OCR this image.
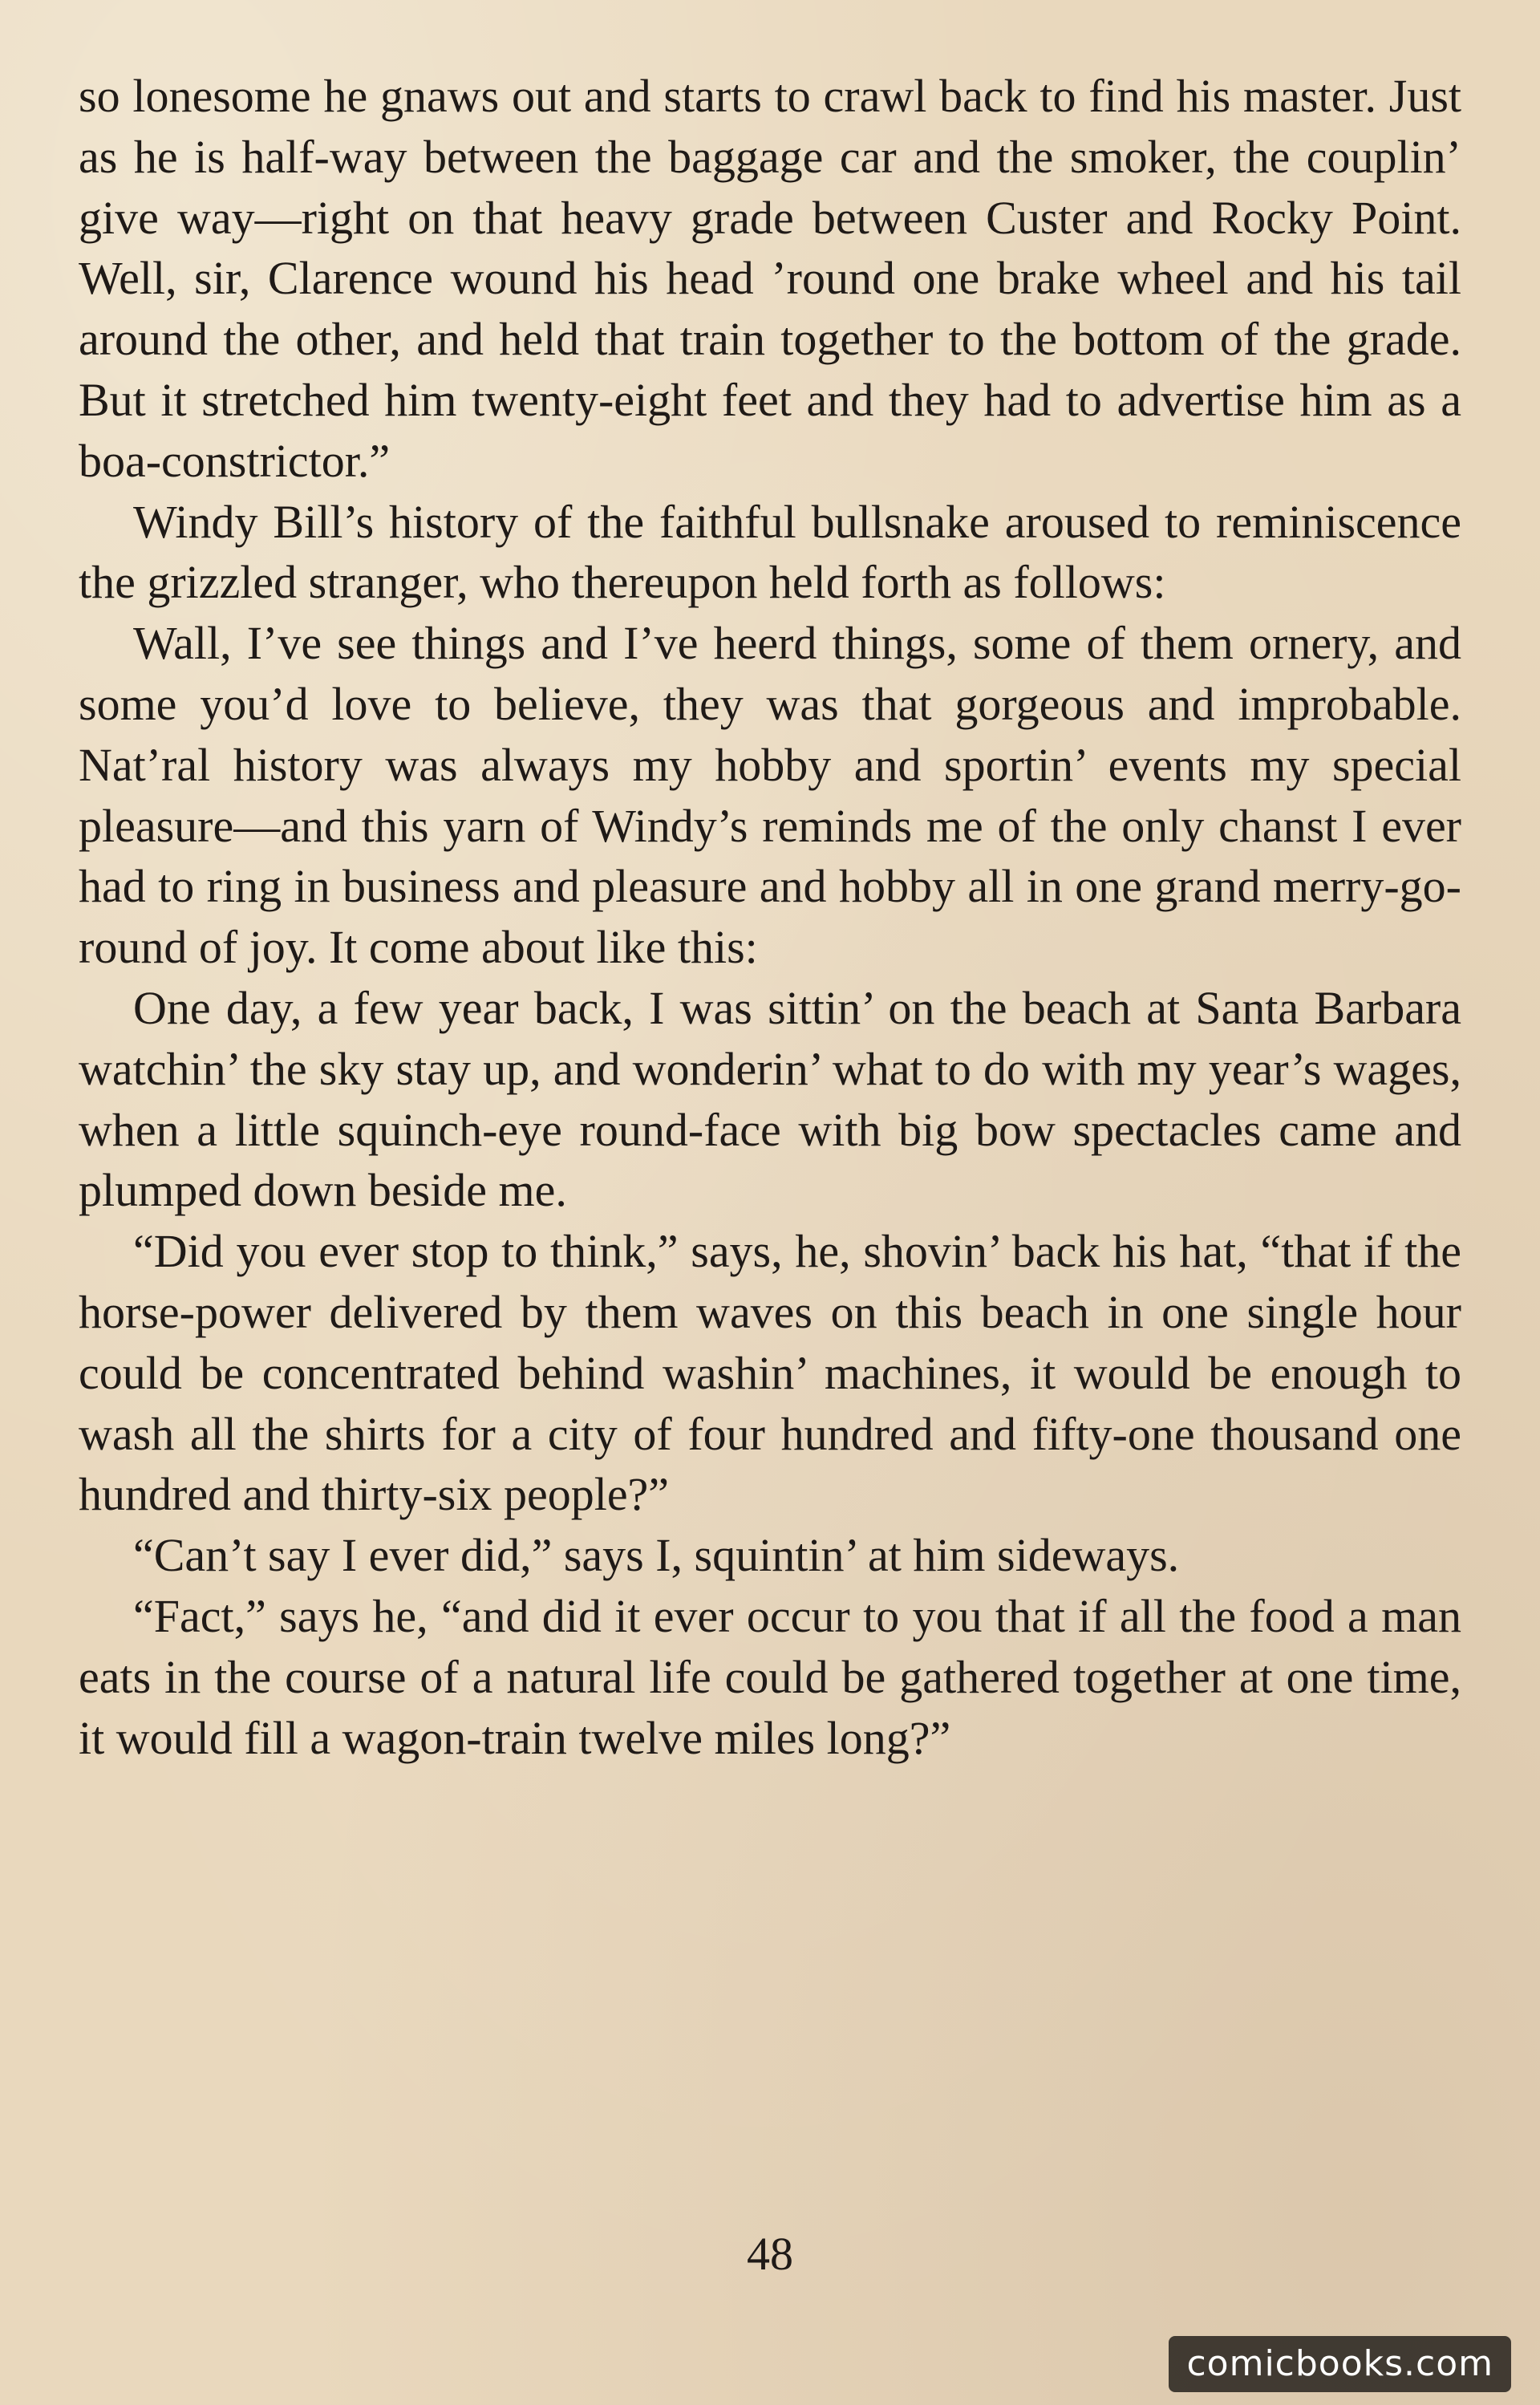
so lonesome he gnaws out and starts to crawl back to find his master. Just as he is half-way between the baggage car and the smoker, the couplin’ give way—right on that heavy grade between Custer and Rocky Point. Well, sir, Clarence wound his head ’round one brake wheel and his tail around the other, and held that train together to the bottom of the grade. But it stretched him twenty-eight feet and they had to advertise him as a boa-constrictor.”

Windy Bill’s history of the faithful bullsnake aroused to reminiscence the grizzled stranger, who thereupon held forth as follows:

Wall, I’ve see things and I’ve heerd things, some of them ornery, and some you’d love to believe, they was that gorgeous and improbable. Nat’ral history was always my hobby and sportin’ events my special pleasure—and this yarn of Windy’s reminds me of the only chanst I ever had to ring in business and pleasure and hobby all in one grand merry-go-round of joy. It come about like this:

One day, a few year back, I was sittin’ on the beach at Santa Barbara watchin’ the sky stay up, and wonderin’ what to do with my year’s wages, when a little squinch-eye round-face with big bow spectacles came and plumped down beside me.

“Did you ever stop to think,” says, he, shovin’ back his hat, “that if the horse-power delivered by them waves on this beach in one single hour could be concentrated behind washin’ machines, it would be enough to wash all the shirts for a city of four hundred and fifty-one thousand one hundred and thirty-six people?”

“Can’t say I ever did,” says I, squintin’ at him sideways.

“Fact,” says he, “and did it ever occur to you that if all the food a man eats in the course of a natural life could be gathered together at one time, it would fill a wagon-train twelve miles long?”

48
comicbooks.com
